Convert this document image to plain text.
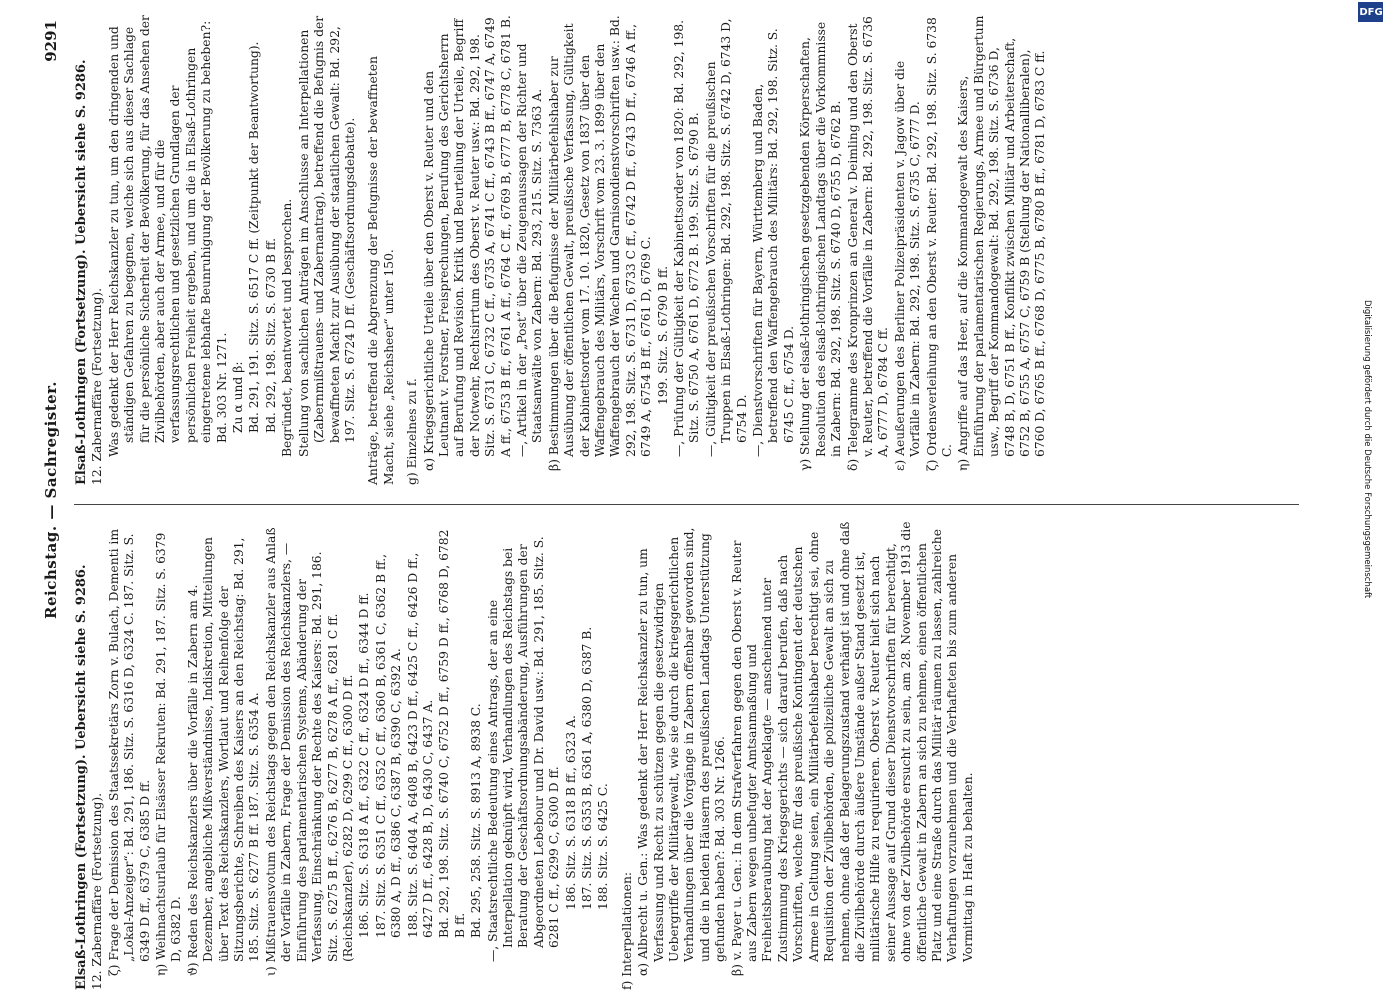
Reichstag. — Sachregister.
9291
Elsaß-Lothringen (Fortsetzung). Uebersicht siehe S. 9286. 12. Zabernaffäre (Fortsetzung). ζ) Frage der Demission des Staatssekretärs Zorn v. Bulach, Dementi im „Lokal-Anzeiger“: Bd. 291, 186. Sitz. S. 6316 D, 6324 C. 187. Sitz. S. 6349 D ff., 6379 C, 6385 D ff. η) Weihnachtsurlaub für Elsässer Rekruten: Bd. 291, 187. Sitz. S. 6379 D, 6382 D. ϑ) Reden des Reichskanzlers über die Vorfälle in Zabern am 4. Dezember, angebliche Mißverständnisse, Indiskretion, Mitteilungen über Text des Reichskanzlers, Wortlaut und Reihenfolge der Sitzungsberichte, Schreiben des Kaisers an den Reichstag: Bd. 291, 185. Sitz. S. 6277 B ff. 187. Sitz. S. 6354 A. ι) Mißtrauensvotum des Reichstags gegen den Reichskanzler aus Anlaß der Vorfälle in Zabern, Frage der Demission des Reichskanzlers, — Einführung des parlamentarischen Systems, Abänderung der Verfassung, Einschränkung der Rechte des Kaisers: Bd. 291, 186. Sitz. S. 6275 B ff., 6276 B, 6277 B, 6278 A ff., 6281 C ff. (Reichskanzler), 6282 D, 6299 C ff., 6300 D ff. 186. Sitz. S. 6318 A ff., 6322 C ff., 6324 D ff., 6344 D ff. 187. Sitz. S. 6351 C ff., 6352 C ff., 6360 B, 6361 C, 6362 B ff., 6380 A, D ff., 6386 C, 6387 B, 6390 C, 6392 A. 188. Sitz. S. 6404 A, 6408 B, 6423 D ff., 6425 C ff., 6426 D ff., 6427 D ff., 6428 B, D, 6430 C, 6437 A. Bd. 292, 198. Sitz. S. 6740 C, 6752 D ff., 6759 D ff., 6768 D, 6782 B ff. Bd. 295, 258. Sitz. S. 8913 A, 8938 C. —, Staatsrechtliche Bedeutung eines Antrags, der an eine Interpellation geknüpft wird, Verhandlungen des Reichstags bei Beratung der Geschäftsordnungsabänderung, Ausführungen der Abgeordneten Lebebour und Dr. David usw.: Bd. 291, 185. Sitz. S. 6281 C ff., 6299 C, 6300 D ff. 186. Sitz. S. 6318 B ff., 6323 A. 187. Sitz. S. 6353 B, 6361 A, 6380 D, 6387 B. 188. Sitz. S. 6425 C.
f) Interpellationen: α) Albrecht u. Gen.: Was gedenkt der Herr Reichskanzler zu tun, um Verfassung und Recht zu schützen gegen die gesetzwidrigen Uebergriffe der Militärgewalt, wie sie durch die kriegsgerichtlichen Verhandlungen über die Vorgänge in Zabern offenbar geworden sind, und die in beiden Häusern des preußischen Landtags Unterstützung gefunden haben?: Bd. 303 Nr. 1266. β) v. Payer u. Gen.: In dem Strafverfahren gegen den Oberst v. Reuter aus Zabern wegen unbefugter Amtsanmaßung und Freiheitsberaubung hat der Angeklagte — anscheinend unter Zustimmung des Kriegsgerichts — sich darauf berufen, daß nach Vorschriften, welche für das preußische Kontingent der deutschen Armee in Geltung seien, ein Militärbefehlshaber berechtigt sei, ohne Requisition der Zivilbehörden, die polizeiliche Gewalt an sich zu nehmen, ohne daß der Belagerungszustand verhängt ist und ohne daß die Zivilbehörde durch äußere Umstände außer Stand gesetzt ist, militärische Hilfe zu requirieren. Oberst v. Reuter hielt sich nach seiner Aussage auf Grund dieser Dienstvorschriften für berechtigt, ohne von der Zivilbehörde ersucht zu sein, am 28. November 1913 die öffentliche Gewalt in Zabern an sich zu nehmen, einen öffentlichen Platz und eine Straße durch das Militär räumen zu lassen, zahlreiche Verhaftungen vorzunehmen und die Verhafteten bis zum anderen Vormittag in Haft zu behalten.
Elsaß-Lothringen (Fortsetzung). Uebersicht siehe S. 9286. 12. Zabernaffäre (Fortsetzung). Was gedenkt der Herr Reichskanzler zu tun, um den dringenden und ständigen Gefahren zu begegnen, welche sich aus dieser Sachlage für die persönliche Sicherheit der Bevölkerung, für das Ansehen der Zivilbehörden, aber auch der Armee, und für die verfassungsrechtlichen und gesetzlichen Grundlagen der persönlichen Freiheit ergeben, und um die in Elsaß-Lothringen eingetretene lebhafte Beunruhigung der Bevölkerung zu beheben?: Bd. 303 Nr. 1271. Zu α und β: Bd. 291, 191. Sitz. S. 6517 C ff. (Zeitpunkt der Beantwortung). Bd. 292, 198. Sitz. S. 6730 B ff. Begründet, beantwortet und besprochen. Stellung von sachlichen Anträgen im Anschlusse an Interpellationen (Zabernmißtrauens- und Zabernantrag), betreffend die Befugnis der bewaffneten Macht zur Ausübung der staatlichen Gewalt: Bd. 292, 197. Sitz. S. 6724 D ff. (Geschäftsordnungsdebatte). Anträge, betreffend die Abgrenzung der Befugnisse der bewaffneten Macht, siehe „Reichsheer“ unter 150. g) Einzelnes zu f. α) Kriegsgerichtliche Urteile über den Oberst v. Reuter und den Leutnant v. Forstner, Freisprechungen, Berufung des Gerichtsherrn auf Berufung und Revision. Kritik und Beurteilung der Urteile, Begriff der Notwehr, Rechtsirrtum des Oberst v. Reuter usw.: Bd. 292, 198. Sitz. S. 6731 C, 6732 C ff., 6735 A, 6741 C ff., 6743 B ff., 6747 A, 6749 A ff., 6753 B ff., 6761 A ff., 6764 C ff., 6769 B, 6777 B, 6778 C, 6781 B. —, Artikel in der „Post“ über die Zeugenaussagen der Richter und Staatsanwälte von Zabern: Bd. 293, 215. Sitz. S. 7363 A. β) Bestimmungen über die Befugnisse der Militärbefehlshaber zur Ausübung der öffentlichen Gewalt, preußische Verfassung, Gültigkeit der Kabinettsorder vom 17. 10. 1820, Gesetz von 1837 über den Waffengebrauch des Militärs, Vorschrift vom 23. 3. 1899 über den Waffengebrauch der Wachen und Garnisondienstvorschriften usw.: Bd. 292, 198. Sitz. S. 6731 D, 6733 C ff., 6742 D ff., 6743 D ff., 6746 A ff., 6749 A, 6754 B ff., 6761 D, 6769 C. 199. Sitz. S. 6790 B ff. —, Prüfung der Gültigkeit der Kabinettsorder von 1820: Bd. 292, 198. Sitz. S. 6750 A, 6761 D, 6772 B. 199. Sitz. S. 6790 B. —, Gültigkeit der preußischen Vorschriften für die preußischen Truppen in Elsaß-Lothringen: Bd. 292, 198. Sitz. S. 6742 D, 6743 D, 6754 D. —, Dienstvorschriften für Bayern, Württemberg und Baden, betreffend den Waffengebrauch des Militärs: Bd. 292, 198. Sitz. S. 6745 C ff., 6754 D. γ) Stellung der elsaß-lothringischen gesetzgebenden Körperschaften, Resolution des elsaß-lothringischen Landtags über die Vorkommnisse in Zabern: Bd. 292, 198. Sitz. S. 6740 D, 6755 D, 6762 B. δ) Telegramme des Kronprinzen an General v. Deimling und den Oberst v. Reuter, betreffend die Vorfälle in Zabern: Bd. 292, 198. Sitz. S. 6736 A, 6777 D, 6784 C ff. ε) Aeußerungen des Berliner Polizeipräsidenten v. Jagow über die Vorfälle in Zabern: Bd. 292, 198. Sitz. S. 6735 C, 6777 D. ζ) Ordensverleihung an den Oberst v. Reuter: Bd. 292, 198. Sitz. S. 6738 C. η) Angriffe auf das Heer, auf die Kommandogewalt des Kaisers, Einführung der parlamentarischen Regierungs, Armee und Bürgertum usw., Begriff der Kommandogewalt: Bd. 292, 198. Sitz. S. 6736 D, 6748 B, D, 6751 B ff., Konflikt zwischen Militär und Arbeiterschaft, 6752 B, 6755 A, 6757 C, 6759 B (Stellung der Nationalliberalen), 6760 D, 6765 B ff., 6768 D, 6775 B, 6780 B ff., 6781 D, 6783 C ff.
DFG
Digitalisierung gefördert durch die Deutsche Forschungsgemeinschaft
